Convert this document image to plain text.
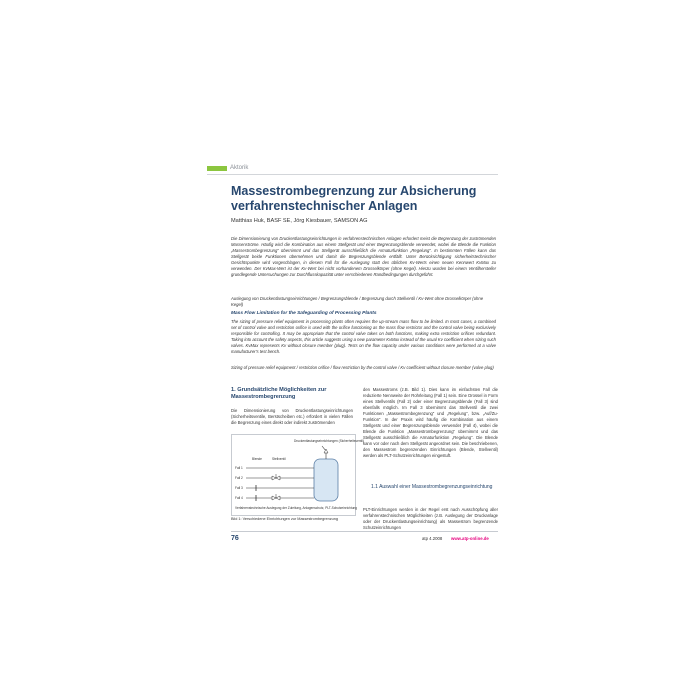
Aktorik
Massestrombegrenzung zur Absicherung verfahrenstechnischer Anlagen
Matthias Huk, BASF SE, Jörg Kiesbauer, SAMSON AG
Die Dimensionierung von Druckentlastungseinrichtungen in verfahrenstechnischen Anlagen erfordert meist die Begrenzung der zuströmenden Massenströme. Häufig wird die Kombination aus einem Stellgerät und einer Begrenzungsblende verwendet, wobei die Blende die Funktion „Massestrombegrenzung“ übernimmt und das Stellgerät ausschließlich die Armaturfunktion „Regelung“. In bestimmten Fällen kann das Stellgerät beide Funktionen übernehmen und damit die Begrenzungsblende entfällt. Unter Berücksichtigung sicherheitstechnischer Gesichtspunkte wird vorgeschlagen, in diesem Fall für die Auslegung statt des üblichen Kv-Werts einen neuen Kennwert KvMax zu verwenden. Der KvMax-Wert ist der Kv-Wert bei nicht vorhandenem Drosselkörper (ohne Kegel). Hierzu wurden bei einem Ventilhersteller grundlegende Untersuchungen zur Durchflusskapazität unter verschiedenen Randbedingungen durchgeführt.
Auslegung von Druckentlastungseinrichtungen / Begrenzungsblende / Begrenzung durch Stellventil / Kv-Wert ohne Drosselkörper (ohne Kegel)
Mass Flow Limitation for the Safeguarding of Processing Plants
The sizing of pressure relief equipment in processing plants often requires the up-stream mass flow to be limited. In most cases, a combined set of control valve and restriction orifice is used with the orifice functioning as the mass flow restrictor and the control valve being exclusively responsible for controlling. It may be appropriate that the control valve takes on both functions, making extra restriction orifices redundant. Taking into account the safety aspects, this article suggests using a new parameter KvMax instead of the usual Kv coefficient when sizing such valves. KvMax represents Kv without closure member (plug). Tests on the flow capacity under various conditions were performed at a valve manufacturer's test bench.
Sizing of pressure relief equipment / restriction orifice / flow restriction by the control valve / Kv coefficient without closure member (valve plug)
1. Grundsätzliche Möglichkeiten zur Massestrombegrenzung
Die Dimensionierung von Druckentlastungseinrichtungen (Sicherheitsventile, Berstscheiben etc.) erfordert in vielen Fällen die Begrenzung eines direkt oder indirekt zuströmenden
den Massestroms (z.B. Bild 1). Dies kann im einfachsten Fall die reduzierte Nennweite der Rohrleitung (Fall 1) sein. Eine Drossel in Form eines Stellventils (Fall 2) oder einer Begrenzungsblende (Fall 3) sind ebenfalls möglich. Im Fall 3 übernimmt das Stellventil die zwei Funktionen „Massestrombegrenzung“ und „Regelung“, bzw. „Auf/Zu-Funktion“. In der Praxis wird häufig die Kombination aus einem Stellgerät und einer Begrenzungsblende verwendet (Fall 4), wobei die Blende die Funktion „Massestrombegrenzung“ übernimmt und das Stellgerät ausschließlich die Armaturfunktion „Regelung“. Die Blende kann vor oder nach dem Stellgerät angeordnet sein. Die beschriebenen, den Massestrom begrenzenden Einrichtungen (Blende, Stellventil) werden als PLT-Schutzeinrichtungen eingestuft.
1.1 Auswahl einer Massestrombegrenzungseinrichtung
PLT-Einrichtungen werden in der Regel erst nach Ausschöpfung aller verfahrenstechnischen Möglichkeiten (z.B. Auslegung der Druckanlage oder der Druckentlastungseinrichtung) als Massestrom begrenzende Schutzeinrichtungen
Druckentlastungseinrichtungen (Sicherheitsventil)
Blende	Stellventil
Fall 1
Fall 2
Fall 3
Fall 4
Verfahrenstechnische Auslegung der Zuleitung, Anlagenschutz, PLT-Schutzeinrichtung
Bild 1: Verschiedene Einrichtungen zur Massestrombegrenzung
76	atp 4.2008 www.atp-online.de
